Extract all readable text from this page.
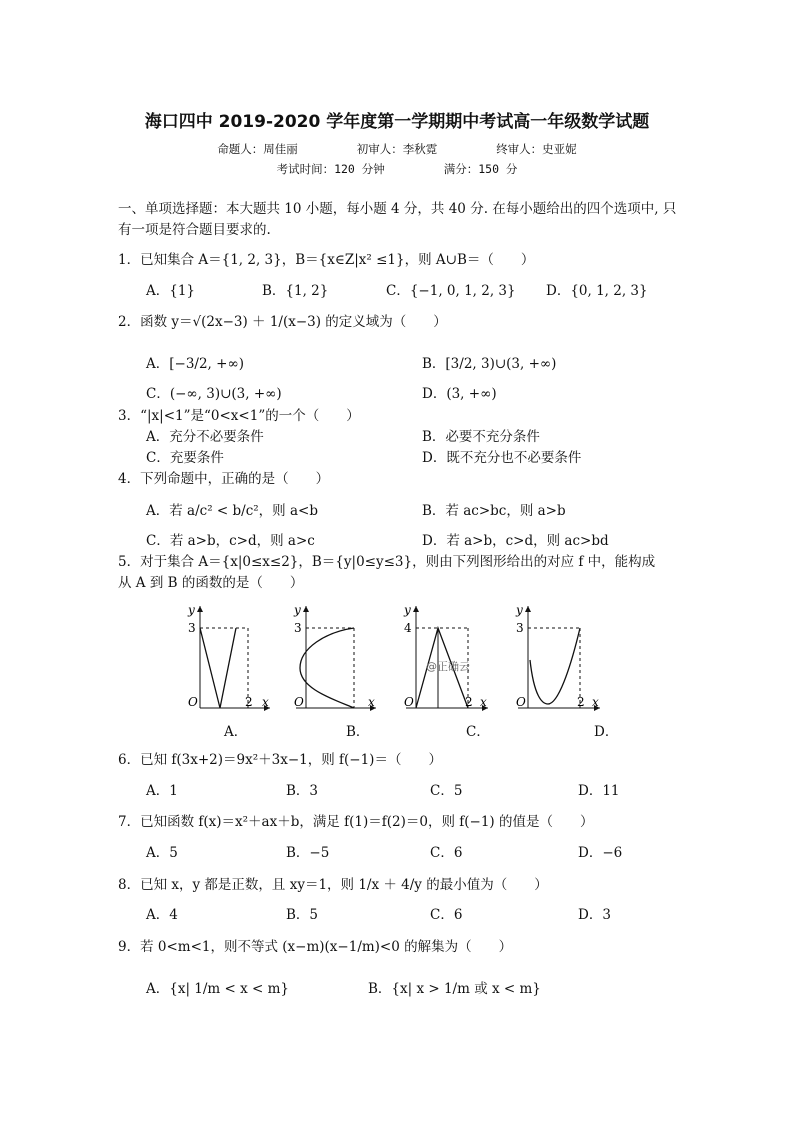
海口四中 2019-2020 学年度第一学期期中考试高一年级数学试题
命题人：周佳丽	初审人：李秋霓	终审人：史亚妮
考试时间：120 分钟	满分：150 分
一、单项选择题：本大题共 10 小题，每小题 4 分，共 40 分. 在每小题给出的四个选项中, 只
有一项是符合题目要求的.
1．已知集合 A＝{1, 2, 3}，B＝{x∈Z|x² ≤1}，则 A∪B＝（　　）
A．{1}	B．{1, 2}	C．{−1, 0, 1, 2, 3} D．{0, 1, 2, 3}
2．函数 y＝√(2x−3) ＋ 1/(x−3) 的定义域为（　　）
A．[−3/2, +∞)	B．[3/2, 3)∪(3, +∞)
C．(−∞, 3)∪(3, +∞)	D．(3, +∞)
3．“|x|<1”是“0<x<1”的一个（　　）
A．充分不必要条件	B．必要不充分条件
C．充要条件	D．既不充分也不必要条件
4．下列命题中，正确的是（　　）
A．若 a/c² < b/c²，则 a<b	B．若 ac>bc，则 a>b
C．若 a>b，c>d，则 a>c	D．若 a>b，c>d，则 ac>bd
5．对于集合 A＝{x|0≤x≤2}，B＝{y|0≤y≤3}，则由下列图形给出的对应 f 中，能构成
从 A 到 B 的函数的是（　　）
y
3
O	2 x
A．
y
3
O	x
B．
@正确云
y
4
O	2 x
C．
y
3
O	2 x
D．
6．已知 f(3x+2)＝9x²＋3x−1，则 f(−1)＝（　　）
A．1	B．3	C．5	D．11
7．已知函数 f(x)＝x²＋ax＋b，满足 f(1)＝f(2)＝0，则 f(−1) 的值是（　　）
A．5	B．−5	C．6	D．−6
8．已知 x，y 都是正数，且 xy＝1，则 1/x ＋ 4/y 的最小值为（　　）
A．4	B．5	C．6	D．3
9．若 0<m<1，则不等式 (x−m)(x−1/m)<0 的解集为（　　）
A．{x| 1/m < x < m}	B．{x| x > 1/m 或 x < m}
